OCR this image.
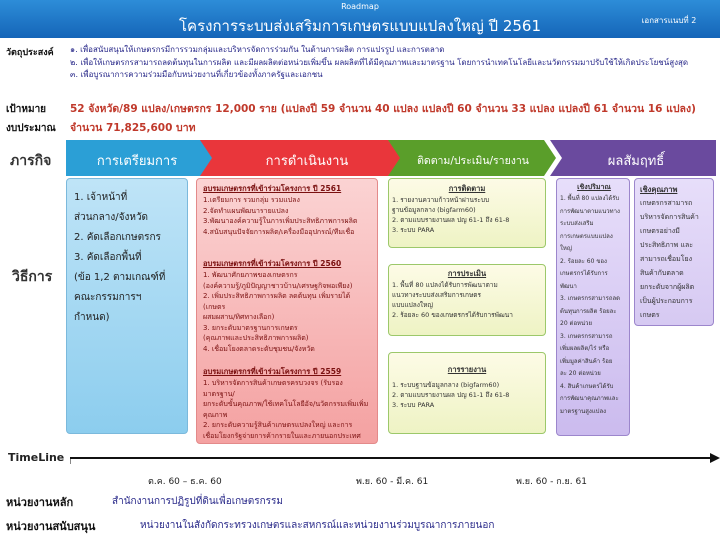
Roadmap
โครงการระบบส่งเสริมการเกษตรแบบแปลงใหญ่ ปี 2561	เอกสารแนบที่ 2
วัตถุประสงค์ ๑. เพื่อสนับสนุนให้เกษตรกรมีการรวมกลุ่มและบริหารจัดการร่วมกัน ในด้านการผลิต การแปรรูป และการตลาด
๒. เพื่อให้เกษตรกรสามารถลดต้นทุนในการผลิต และมีผลผลิตต่อหน่วยเพิ่มขึ้น ผลผลิตที่ได้มีคุณภาพและมาตรฐาน โดยการนำเทคโนโลยีและนวัตกรรมมาปรับใช้ให้เกิดประโยชน์สูงสุด
๓. เพื่อบูรณาการความร่วมมือกับหน่วยงานที่เกี่ยวข้องทั้งภาครัฐและเอกชน
เป้าหมาย 52 จังหวัด/89 แปลง/เกษตรกร 12,000 ราย (แปลงปี 59 จำนวน 40 แปลง แปลงปี 60 จำนวน 33 แปลง แปลงปี 61 จำนวน 16 แปลง)
งบประมาณ จำนวน 71,825,600 บาท
ภารกิจ	การเตรียมการ	การดำเนินงาน	ติดตาม/ประเมิน/รายงาน	ผลสัมฤทธิ์
วิธีการ
1. เจ้าหน้าที่
ส่วนกลาง/จังหวัด
2. คัดเลือกเกษตรกร
3. คัดเลือกพื้นที่
(ข้อ 1,2 ตามเกณฑ์ที่
คณะกรรมการฯ
กำหนด)
อบรมเกษตรกรที่เข้าร่วมโครงการ ปี 2561
1.เตรียมการ รวมกลุ่ม รวมแปลง
2.จัดทำแผนพัฒนารายแปลง
3.พัฒนาองค์ความรู้ในการเพิ่มประสิทธิภาพการผลิต
4.สนับสนุนปัจจัยการผลิต/เครื่องมืออุปกรณ์/ทีมเชื่อ
อบรมเกษตรกรที่เข้าร่วมโครงการ ปี 2560
1. พัฒนาศักยภาพของเกษตรกร
(องค์ความรู้/ภูมิปัญญาชาวบ้าน/เศรษฐกิจพอเพียง)
2. เพิ่มประสิทธิภาพการผลิต ลดต้นทุน เพิ่มรายได้ (เกษตร
ผสมผสาน/ทิศทางเลือก)
3. ยกระดับมาตรฐานการเกษตร
(คุณภาพและประสิทธิภาพการผลิต)
4. เชื่อมโยงตลาดระดับชุมชน/จังหวัด
อบรมเกษตรกรที่เข้าร่วมโครงการ ปี 2559
1. บริหารจัดการสินค้าเกษตรครบวงจร (รับรองมาตรฐาน/
ยกระดับขั้นคุณภาพ/ใช้เทคโนโลยีอัจ/นวัตกรรมเพิ่มเพิ่ม
คุณภาพ
2. ยกระดับความรู้สินค้าเกษตรแปลงใหญ่ และการ
เชื่อมโยงกรัฐจ่ายการค้ากรายในและภายนอกประเทศ
การติดตาม
1. รายงานความก้าวหน้าผ่านระบบ
ฐานข้อมูลกลาง (bigfarm60)
2. ตามแบบรายงานผล ปญ 61-1 ถึง 61-8
3. ระบบ PARA
การประเมิน
1. พื้นที่ 80 แปลงได้รับการพัฒนาตาม
แนวทางระบบส่งเสริมการเกษตร
แบบแปลงใหญ่
2. ร้อยละ 60 ของเกษตรกรได้รับการพัฒนา
การรายงาน
1. ระบบฐานข้อมูลกลาง (bigfarm60)
2. ตามแบบรายงานผล ปญ 61-1 ถึง 61-8
3. ระบบ PARA
เชิงปริมาณ
1. พื้นที่ 80 แปลงได้รับ
การพัฒนาตามแนวทาง
ระบบส่งเสริม
การเกษตรแบบแปลง
ใหญ่
2. ร้อยละ 60 ของ
เกษตรกรได้รับการ
พัฒนา
3. เกษตรกรสามารถลด
ต้นทุนการผลิต ร้อยละ
20 ต่อหน่วย
3. เกษตรกรสามารถ
เพิ่มผลผลิต/ไร่ หรือ
เพิ่มมูลค่าสินค้า ร้อย
ละ 20 ต่อหน่วย
4. สินค้าเกษตรได้รับ
การพัฒนาคุณภาพและ
มาตรฐานสูงแปลง
เชิงคุณภาพ
เกษตรกรสามารถ
บริหารจัดการสินค้า
เกษตรอย่างมี
ประสิทธิภาพ และ
สามารถเชื่อมโยง
สินค้ากับตลาด
ยกระดับจากผู้ผลิต
เป็นผู้ประกอบการ
เกษตร
TimeLine
ต.ค. 60 – ธ.ค. 60	พ.ย. 60 - มี.ค. 61	พ.ย. 60 - ก.ย. 61
หน่วยงานหลัก	สำนักงานการปฏิรูปที่ดินเพื่อเกษตรกรรม
หน่วยงานสนับสนุน	หน่วยงานในสังกัดกระทรวงเกษตรและสหกรณ์และหน่วยงานร่วมบูรณาการภายนอก
